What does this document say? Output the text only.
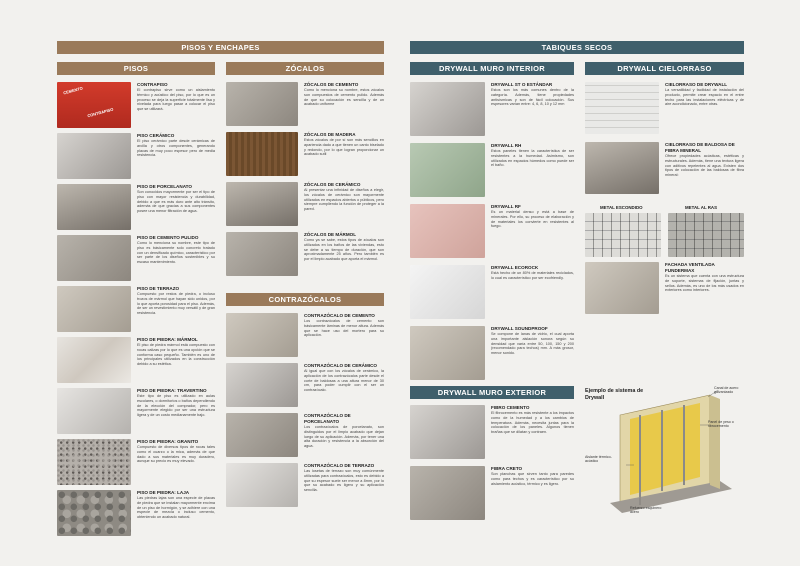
PISOS Y ENCHAPES
PISOS	ZÓCALOS
CEMENTO
CONTRAPISO
CONTRAPISO
El contrapiso sirve como un aislamiento térmico y acústico del piso, por lo que es un proceso se deja la superficie totalmente lisa y nivelada para luego pasar a colocar el piso que se utilizará.
PISO CERÁMICO
El piso cerámico parte desde cerámicas de arcilla y otros componentes, generando placas de muy poco espesor pero de media resistencia.
PISO DE PORCELANATO
Son conocidos mayormente por ser el tipo de piso con mayor resistencia y durabilidad, debido a que es más duro ante alto tránsito, además de que gracias a sus componentes posee una menor filtración de agua.
PISO DE CEMENTO PULIDO
Como lo menciona su nombre, este tipo de piso es básicamente solo concreto tratado con un densificado químico, característico por ser parte de los diseños sostenibles y su escaso mantenimiento.
PISO DE TERRAZO
Compuesto por restos de piedra, o incluso trozos de mármol que hayan sido unidos, por lo que aporta porosidad para el piso. Además, de ser un revestimiento muy versátil y de gran resistencia.
PISO DE PIEDRA: MÁRMOL
El piso de piedra mármol está compuesto con rocas calizas por lo que es una opción que se conforma caso pequeño. También es uno de los principales utilizados en la construcción debido a su estética.
PISO DE PIEDRA: TRAVERTINO
Este tipo de piso es utilizado en aulas escolares, o dormitorios o baños dependiendo de la elección del comprador, pero es mayormente elegido por ser una estructura ligera y de un costo medianamente bajo.
PISO DE PIEDRA: GRANITO
Compuesto de diversos tipos de rocas tales como el cuarzo o la mica, además de que dado a sus materiales es muy duradero, aunque su precio es muy elevado.
PISO DE PIEDRA: LAJA
Las piedras lajas son una especie de placas de piedra que se instalan mayormente encima de un piso de hormigón, y se adhiere con una especie de mezcla o incluso cemento, obteniendo un acabado natural.
ZÓCALOS DE CEMENTO
Como lo menciona su nombre, estos zócalos son compuestos de cemento pulido. Además de que su colocación es sencilla y de un acabado uniforme
ZÓCALOS DE MADERA
Estos zócalos de por sí son más sencillos en apariencia dado a que tienen un canto biselado y redondo, por lo que logran proporcionar un acabado sutil
ZÓCALOS DE CERÁMICO
Al presentar una infinidad de diseños a elegir, los zócalos de cerámico son mayormente utilizados en espacios abiertos o públicos, pero siempre cumpliendo la función de proteger a la pared.
ZÓCALOS DE MÁRMOL
Como ya se sabe, estos tipos de zócalos son utilizados en los baños de las viviendas, esto se debe a su tiempo de duración, que son aproximadamente 25 años. Pero también es por el limpio acabado que aporta el mármol.
CONTRAZÓCALOS
CONTRAZÓCALO DE CEMENTO
Los contrazócalos de cemento son básicamente láminas de menor altura. Además que se hace uso del mortero para su aplicación.
CONTRAZÓCALO DE CERÁMICO
Al igual que con los zócalos de cerámico, la aplicación de los contrazócalos parte desde el corte de baldosas a una altura menor de 30 cm, para poder cumplir con el ser un contrazócalo.
CONTRAZÓCALO DE PORCELANATO
Los contrazócalos de porcelanato, son distinguidos por el limpio acabado que dejan luego de su aplicación. Además, por tener una alta duración y resistencia a la absorción del agua.
CONTRAZÓCALO DE TERRAZO
Las losetas de terrazo son muy comúnmente utilizadas para contrazócalos, esto es debido a que su espesor suele ser menor a 8mm, por lo que su acabado es ligero y su aplicación sencilla.
TABIQUES SECOS
DRYWALL MURO INTERIOR	DRYWALL CIELORRASO
DRYWALL ST O ESTÁNDAR
Estos son los más comunes dentro de la categoría. Además, tiene propiedades antisísmicas y son de fácil colocación. Sus espesores varían entre: 4, 6, 8, 10 y 12 mm
DRYWALL RH
Estos paneles tienen la característica de ser resistentes a la humedad. Asimismo, son utilizados en espacios húmedos como puede ser el baño.
DRYWALL RF
Es un material denso y está a base de minerales. Por ello, su proceso de elaboración y de materiales los convierte en resistentes al fuego.
DRYWALL ECOROCK
Está hecho de un 80% de materiales reciclados, lo cual es característico por ser ecofriendly.
DRYWALL SOUNDPROOF
Se compone de lanas de vidrio, el cual aporta una importante aislación sonora según su densidad que varía entre 50, 100, 150 y 200 (recomendado para techos) mm. A más grosor, menor sonido.
DRYWALL MURO EXTERIOR
FIBRO CEMENTO
El fibrocemento es más resistente a los impactos como de la humedad y a los cambios de temperatura. Además, necesita juntas para la colocación de los paneles. Algunos tienen brañas que se dilatan y contraen.
FIBRA CRETO
Son planchas que sirven tanto para paredes como para techos y es característico por su aislamiento acústico, térmico y es ligero.
CIELORRASO DE DRYWALL
La versatilidad y facilidad de instalación del producto, permite crear espacio en el entre techo para las instalaciones eléctricas y de aire acondicionado, entre otras.
CIELORRASO DE BALDOSA DE FIBRA MINERAL
Ofrece propiedades acústicas, estéticas y estructurales. Además, tiene una textura ligera con aditivos repelentes al agua. Existen dos tipos de colocación de las baldosas de fibra mineral:
METAL ESCONDIDO	METAL AL RAS
FACHADA VENTILADA FUNDERMAX
Es un sistema que cuenta con una estructura de soporte, sistemas de fijación, juntas y sellos. Además, es uno de los más usados en exteriores como interiores.
Ejemplo de sistema de Drywall
Canal de acero galvanizado
Panel de yeso o fibrocemento
Aislante térmico-acústico
Refuerzo esquinero acero
